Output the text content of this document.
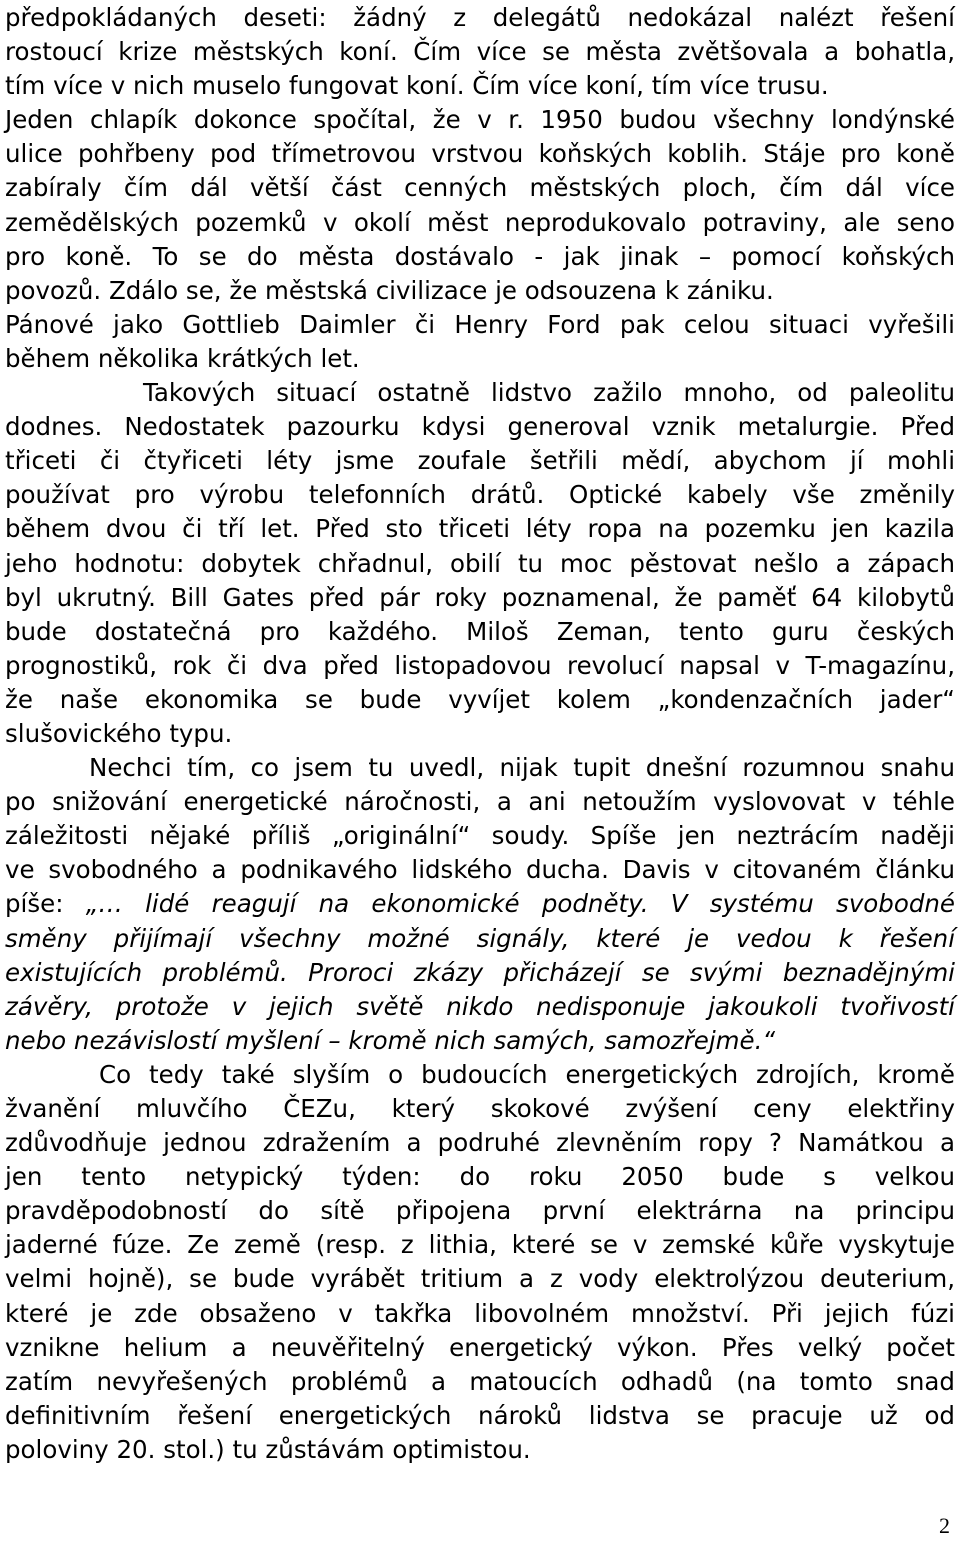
předpokládaných deseti: žádný z delegátů nedokázal nalézt řešení
rostoucí krize městských koní. Čím více se města zvětšovala a bohatla,
tím více v nich muselo fungovat koní. Čím více koní, tím více trusu.
Jeden chlapík dokonce spočítal, že v r. 1950 budou všechny londýnské
ulice pohřbeny pod třímetrovou vrstvou koňských koblih. Stáje pro koně
zabíraly čím dál větší část cenných městských ploch, čím dál více
zemědělských pozemků v okolí měst neprodukovalo potraviny, ale seno
pro koně. To se do města dostávalo - jak jinak – pomocí koňských
povozů. Zdálo se, že městská civilizace je odsouzena k zániku.
Pánové jako Gottlieb Daimler či Henry Ford pak celou situaci vyřešili
během několika krátkých let.
Takových situací ostatně lidstvo zažilo mnoho, od paleolitu
dodnes. Nedostatek pazourku kdysi generoval vznik metalurgie. Před
třiceti či čtyřiceti léty jsme zoufale šetřili mědí, abychom jí mohli
používat pro výrobu telefonních drátů. Optické kabely vše změnily
během dvou či tří let. Před sto třiceti léty ropa na pozemku jen kazila
jeho hodnotu: dobytek chřadnul, obilí tu moc pěstovat nešlo a zápach
byl ukrutný. Bill Gates před pár roky poznamenal, že paměť 64 kilobytů
bude dostatečná pro každého. Miloš Zeman, tento guru českých
prognostiků, rok či dva před listopadovou revolucí napsal v T-magazínu,
že naše ekonomika se bude vyvíjet kolem „kondenzačních jader“
slušovického typu.
Nechci tím, co jsem tu uvedl, nijak tupit dnešní rozumnou snahu
po snižování energetické náročnosti, a ani netoužím vyslovovat v téhle
záležitosti nějaké příliš „originální“ soudy. Spíše jen neztrácím naději
ve svobodného a podnikavého lidského ducha. Davis v citovaném článku
píše: „… lidé reagují na ekonomické podněty. V systému svobodné
směny přijímají všechny možné signály, které je vedou k řešení
existujících problémů. Proroci zkázy přicházejí se svými beznadějnými
závěry, protože v jejich světě nikdo nedisponuje jakoukoli tvořivostí
nebo nezávislostí myšlení – kromě nich samých, samozřejmě.“
Co tedy také slyším o budoucích energetických zdrojích, kromě
žvanění mluvčího ČEZu, který skokové zvýšení ceny elektřiny
zdůvodňuje jednou zdražením a podruhé zlevněním ropy ? Namátkou a
jen tento netypický týden: do roku 2050 bude s velkou
pravděpodobností do sítě připojena první elektrárna na principu
jaderné fúze. Ze země (resp. z lithia, které se v zemské kůře vyskytuje
velmi hojně), se bude vyrábět tritium a z vody elektrolýzou deuterium,
které je zde obsaženo v takřka libovolném množství. Při jejich fúzi
vznikne helium a neuvěřitelný energetický výkon. Přes velký počet
zatím nevyřešených problémů a matoucích odhadů (na tomto snad
definitivním řešení energetických nároků lidstva se pracuje už od
poloviny 20. stol.) tu zůstávám optimistou.
2
